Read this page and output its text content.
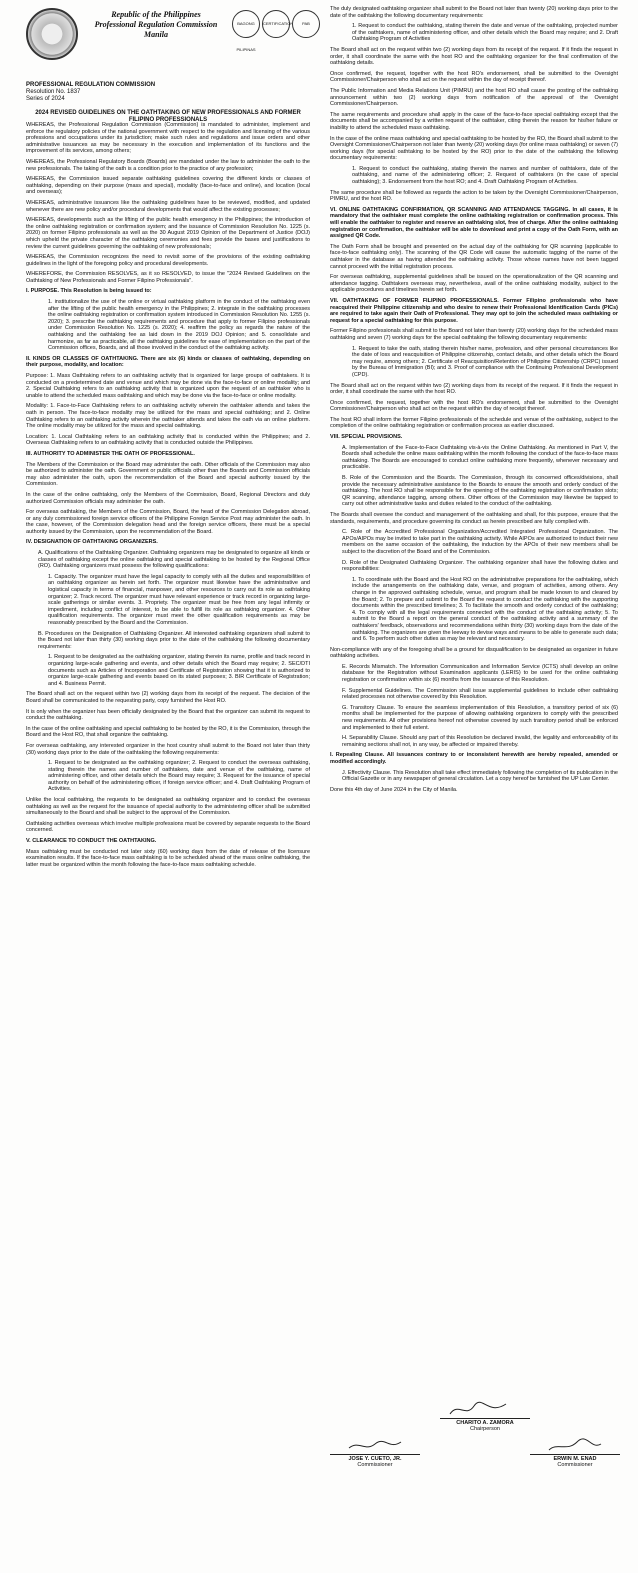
Republic of the Philippines
Professional Regulation Commission
Manila
BAGONG PILIPINAS
CERTIFICATION	PAB
PROFESSIONAL REGULATION COMMISSION
Resolution No. 1837
Series of 2024
2024 REVISED GUIDELINES ON THE OATHTAKING OF NEW PROFESSIONALS AND FORMER FILIPINO PROFESSIONALS

WHEREAS, the Professional Regulation Commission (Commission) is mandated to administer, implement and enforce the regulatory policies of the national government with respect to the regulation and licensing of the various professions and occupations under its jurisdiction; make such rules and regulations and issue orders and other administrative issuances as may be necessary in the execution and implementation of its functions and the improvement of its services, among others;

WHEREAS, the Professional Regulatory Boards (Boards) are mandated under the law to administer the oath to the new professionals. The taking of the oath is a condition prior to the practice of any profession;

WHEREAS, the Commission issued separate oathtaking guidelines covering the different kinds or classes of oathtaking, depending on their purpose (mass and special), modality (face-to-face and online), and location (local and overseas);

WHEREAS, administrative issuances like the oathtaking guidelines have to be reviewed, modified, and updated whenever there are new policy and/or procedural developments that would affect the existing processes;

WHEREAS, developments such as the lifting of the public health emergency in the Philippines; the introduction of the online oathtaking registration or confirmation system; and the issuance of Commission Resolution No. 1225 (s. 2020) on former Filipino professionals as well as the 30 August 2019 Opinion of the Department of Justice (DOJ) which upheld the private character of the oathtaking ceremonies and fees provide the bases and justifications to review the current guidelines governing the oathtaking of new professionals;

WHEREAS, the Commission recognizes the need to revisit some of the provisions of the existing oathtaking guidelines in the light of the foregoing policy and procedural developments.

WHEREFORE, the Commission RESOLVES, as it so RESOLVED, to issue the "2024 Revised Guidelines on the Oathtaking of New Professionals and Former Filipino Professionals".

I. PURPOSE. This Resolution is being issued to:

1. institutionalize the use of the online or virtual oathtaking platform in the conduct of the oathtaking even after the lifting of the public health emergency in the Philippines; 2. integrate in the oathtaking processes the online oathtaking registration or confirmation system introduced in Commission Resolution No. 1255 (s. 2020); 3. prescribe the oathtaking requirements and procedure that apply to former Filipino professionals under Commission Resolution No. 1225 (s. 2020); 4. reaffirm the policy as regards the nature of the oathtaking and the oathtaking fee as laid down in the 2019 DOJ Opinion; and 5. consolidate and harmonize, as far as practicable, all the oathtaking guidelines for ease of implementation on the part of the Commission offices, Boards, and all those involved in the conduct of the oathtaking activity.

II. KINDS OR CLASSES OF OATHTAKING. There are six (6) kinds or classes of oathtaking, depending on their purpose, modality, and location:

Purpose: 1. Mass Oathtaking refers to an oathtaking activity that is organized for large groups of oathtakers. It is conducted on a predetermined date and venue and which may be done via the face-to-face or online modality; and 2. Special Oathtaking refers to an oathtaking activity that is organized upon the request of an oathtaker who is unable to attend the scheduled mass oathtaking and which may be done via the face-to-face or online modality.

Modality: 1. Face-to-Face Oathtaking refers to an oathtaking activity wherein the oathtaker attends and takes the oath in person. The face-to-face modality may be utilized for the mass and special oathtaking; and 2. Online Oathtaking refers to an oathtaking activity wherein the oathtaker attends and takes the oath via an online platform. The online modality may be utilized for the mass and special oathtaking.

Location: 1. Local Oathtaking refers to an oathtaking activity that is conducted within the Philippines; and 2. Overseas Oathtaking refers to an oathtaking activity that is conducted outside the Philippines.

III. AUTHORITY TO ADMINISTER THE OATH OF PROFESSIONAL.

The Members of the Commission or the Board may administer the oath. Other officials of the Commission may also be authorized to administer the oath. Government or public officials other than the Boards and Commission officials may also administer the oath, upon the recommendation of the Board and special authority issued by the Commission.

In the case of the online oathtaking, only the Members of the Commission, Board, Regional Directors and duly authorized Commission officials may administer the oath.

For overseas oathtaking, the Members of the Commission, Board, the head of the Commission Delegation abroad, or any duly commissioned foreign service officers of the Philippine Foreign Service Post may administer the oath. In the case, however, of the Commission delegation head and the foreign service officers, there must be a special authority issued by the Commission, upon the recommendation of the Board.

IV. DESIGNATION OF OATHTAKING ORGANIZERS.

A. Qualifications of the Oathtaking Organizer. Oathtaking organizers may be designated to organize all kinds or classes of oathtaking except the online oathtaking and special oathtaking to be hosted by the Regional Office (RO). Oathtaking organizers must possess the following qualifications:

1. Capacity. The organizer must have the legal capacity to comply with all the duties and responsibilities of an oathtaking organizer as herein set forth. The organizer must likewise have the administrative and logistical capacity in terms of financial, manpower, and other resources to carry out its role as oathtaking organizer; 2. Track record. The organizer must have relevant experience or track record in organizing large-scale gatherings or similar events. 3. Propriety. The organizer must be free from any legal infirmity or impediment, including conflict of interest, to be able to fulfill its role as oathtaking organizer. 4. Other qualification requirements. The organizer must meet the other qualification requirements as may be reasonably prescribed by the Board and the Commission.

B. Procedures on the Designation of Oathtaking Organizer. All interested oathtaking organizers shall submit to the Board not later than thirty (30) working days prior to the date of the oathtaking the following documentary requirements:

1. Request to be designated as the oathtaking organizer, stating therein its name, profile and track record in organizing large-scale gathering and events, and other details which the Board may require; 2. SEC/DTI documents such as Articles of Incorporation and Certificate of Registration showing that it is authorized to organize large-scale gathering and events based on its stated purposes; 3. BIR Certificate of Registration; and 4. Business Permit.

The Board shall act on the request within two (2) working days from its receipt of the request. The decision of the Board shall be communicated to the requesting party, copy furnished the Host RO.

It is only when the organizer has been officially designated by the Board that the organizer can submit its request to conduct the oathtaking.

In the case of the online oathtaking and special oathtaking to be hosted by the RO, it is the Commission, through the Board and the Host RO, that shall organize the oathtaking.

For overseas oathtaking, any interested organizer in the host country shall submit to the Board not later than thirty (30) working days prior to the date of the oathtaking the following requirements:

1. Request to be designated as the oathtaking organizer; 2. Request to conduct the overseas oathtaking, stating therein the names and number of oathtakers, date and venue of the oathtaking, name of administering officer, and other details which the Board may require; 3. Request for the issuance of special authority on behalf of the administering officer, if foreign service officer; and 4. Draft Oathtaking Program of Activities.

Unlike the local oathtaking, the requests to be designated as oathtaking organizer and to conduct the overseas oathtaking as well as the request for the issuance of special authority to the administering officer shall be submitted simultaneously to the Board and shall be subject to the approval of the Commission.

Oathtaking activities overseas which involve multiple professions must be covered by separate requests to the Board concerned.

V. CLEARANCE TO CONDUCT THE OATHTAKING.

Mass oathtaking must be conducted not later sixty (60) working days from the date of release of the licensure examination results. If the face-to-face mass oathtaking is to be scheduled ahead of the mass online oathtaking, the latter must be organized within the month following the face-to-face mass oathtaking schedule.

The duly designated oathtaking organizer shall submit to the Board not later than twenty (20) working days prior to the date of the oathtaking the following documentary requirements:

1. Request to conduct the oathtaking, stating therein the date and venue of the oathtaking, projected number of the oathtakers, name of administering officer, and other details which the Board may require; and 2. Draft Oathtaking Program of Activities

The Board shall act on the request within two (2) working days from its receipt of the request. If it finds the request in order, it shall coordinate the same with the host RO and the oathtaking organizer for the final confirmation of the oathtaking details.

Once confirmed, the request, together with the host RO's endorsement, shall be submitted to the Oversight Commissioner/Chairperson who shall act on the request within the day of receipt thereof.

The Public Information and Media Relations Unit (PIMRU) and the host RO shall cause the posting of the oathtaking announcement within two (2) working days from notification of the approval of the Oversight Commissioner/Chairperson.

The same requirements and procedure shall apply in the case of the face-to-face special oathtaking except that the documents shall be accompanied by a written request of the oathtaker, citing therein the reason for his/her failure or inability to attend the scheduled mass oathtaking.

In the case of the online mass oathtaking and special oathtaking to be hosted by the RO, the Board shall submit to the Oversight Commissioner/Chairperson not later than twenty (20) working days (for online mass oathtaking) or seven (7) working days (for special oathtaking to be hosted by the RO) prior to the date of the oathtaking the following documentary requirements:

1. Request to conduct the oathtaking, stating therein the names and number of oathtakers, date of the oathtaking, and name of the administering officer; 2. Request of oathtakers (in the case of special oathtaking); 3. Endorsement from the host RO; and 4. Draft Oathtaking Program of Activities.

The same procedure shall be followed as regards the action to be taken by the Oversight Commissioner/Chairperson, PIMRU, and the host RO.

VI. ONLINE OATHTAKING CONFIRMATION, QR SCANNING AND ATTENDANCE TAGGING. In all cases, it is mandatory that the oathtaker must complete the online oathtaking registration or confirmation process. This will enable the oathtaker to register and reserve an oathtaking slot, free of charge. After the online oathtaking registration or confirmation, the oathtaker will be able to download and print a copy of the Oath Form, with an assigned QR Code.

The Oath Form shall be brought and presented on the actual day of the oathtaking for QR scanning (applicable to face-to-face oathtaking only). The scanning of the QR Code will cause the automatic tagging of the name of the oathtaker in the database as having attended the oathtaking activity. Those whose names have not been tagged cannot proceed with the initial registration process.

For overseas oathtaking, supplemental guidelines shall be issued on the operationalization of the QR scanning and attendance tagging. Oathtakers overseas may, nevertheless, avail of the online oathtaking modality, subject to the applicable procedures and timelines herein set forth.

VII. OATHTAKING OF FORMER FILIPINO PROFESSIONALS. Former Filipino professionals who have reacquired their Philippine citizenship and who desire to renew their Professional Identification Cards (PICs) are required to take again their Oath of Professional. They may opt to join the scheduled mass oathtaking or request for a special oathtaking for this purpose.

Former Filipino professionals shall submit to the Board not later than twenty (20) working days for the scheduled mass oathtaking and seven (7) working days for the special oathtaking the following documentary requirements:

1. Request to take the oath, stating therein his/her name, profession, and other personal circumstances like the date of loss and reacquisition of Philippine citizenship, contact details, and other details which the Board may require, among others; 2. Certificate of Reacquisition/Retention of Philippine Citizenship (CRPC) issued by the Bureau of Immigration (BI); and 3. Proof of compliance with the Continuing Professional Development (CPD).

The Board shall act on the request within two (2) working days from its receipt of the request. If it finds the request in order, it shall coordinate the same with the host RO.

Once confirmed, the request, together with the host RO's endorsement, shall be submitted to the Oversight Commissioner/Chairperson who shall act on the request within the day of receipt thereof.

The host RO shall inform the former Filipino professionals of the schedule and venue of the oathtaking, subject to the completion of the online oathtaking registration or confirmation process as earlier discussed.

VIII. SPECIAL PROVISIONS.

A. Implementation of the Face-to-Face Oathtaking vis-à-vis the Online Oathtaking. As mentioned in Part V, the Boards shall schedule the online mass oathtaking within the month following the conduct of the face-to-face mass oathtaking. The Boards are encouraged to conduct online oathtaking more frequently, whenever necessary and practicable.

B. Role of the Commission and the Boards. The Commission, through its concerned offices/divisions, shall provide the necessary administrative assistance to the Boards to ensure the smooth and orderly conduct of the oathtaking. The host RO shall be responsible for the opening of the oathtaking registration or confirmation slots; QR scanning, attendance tagging, among others. Other offices of the Commission may likewise be tapped to carry out other administrative tasks and duties related to the conduct of the oathtaking.

The Boards shall oversee the conduct and management of the oathtaking and shall, for this purpose, ensure that the standards, requirements, and procedure governing its conduct as herein prescribed are fully complied with.

C. Role of the Accredited Professional Organization/Accredited Integrated Professional Organization. The APOs/AIPOs may be invited to take part in the oathtaking activity. While AIPOs are authorized to induct their new members on the same occasion of the oathtaking, the induction by the APOs of their new members shall be subject to the discretion of the Board and of the Commission.

D. Role of the Designated Oathtaking Organizer. The oathtaking organizer shall have the following duties and responsibilities:

1. To coordinate with the Board and the Host RO on the administrative preparations for the oathtaking, which include the arrangements on the oathtaking date, venue, and program of activities, among others. Any change in the approved oathtaking schedule, venue, and program shall be made known to and cleared by the Board; 2. To prepare and submit to the Board the request to conduct the oathtaking with the supporting documents within the prescribed timelines; 3. To facilitate the smooth and orderly conduct of the oathtaking; 4. To comply with all the legal requirements connected with the conduct of the oathtaking activity; 5. To submit to the Board a report on the general conduct of the oathtaking activity and a summary of the oathtakers' feedback, observations and recommendations within thirty (30) working days from the date of the oathtaking. The organizers are given the leeway to devise ways and means to be able to generate such data; and 6. To perform such other duties as may be relevant and necessary.

Non-compliance with any of the foregoing shall be a ground for disqualification to be designated as organizer in future oathtaking activities.

E. Records Mismatch. The Information Communication and Information Service (ICTS) shall develop an online database for the Registration without Examination applicants (LERIS) to be used for the online oathtaking registration or confirmation within six (6) months from the issuance of this Resolution.

F. Supplemental Guidelines. The Commission shall issue supplemental guidelines to include other oathtaking related processes not otherwise covered by this Resolution.

G. Transitory Clause. To ensure the seamless implementation of this Resolution, a transitory period of six (6) months shall be implemented for the purpose of allowing oathtaking organizers to comply with the prescribed new requirements. All other provisions hereof not otherwise covered by such transitory period shall be enforced and implemented to their full extent.

H. Separability Clause. Should any part of this Resolution be declared invalid, the legality and enforceability of its remaining sections shall not, in any way, be affected or impaired thereby.

I. Repealing Clause. All issuances contrary to or inconsistent herewith are hereby repealed, amended or modified accordingly.

J. Effectivity Clause. This Resolution shall take effect immediately following the completion of its publication in the Official Gazette or in any newspaper of general circulation. Let a copy hereof be furnished the UP Law Center.

Done this 4th day of June 2024 in the City of Manila.

CHARITO A. ZAMORA
Chairperson
JOSE Y. CUETO, JR.
Commissioner
ERWIN M. ENAD
Commissioner
